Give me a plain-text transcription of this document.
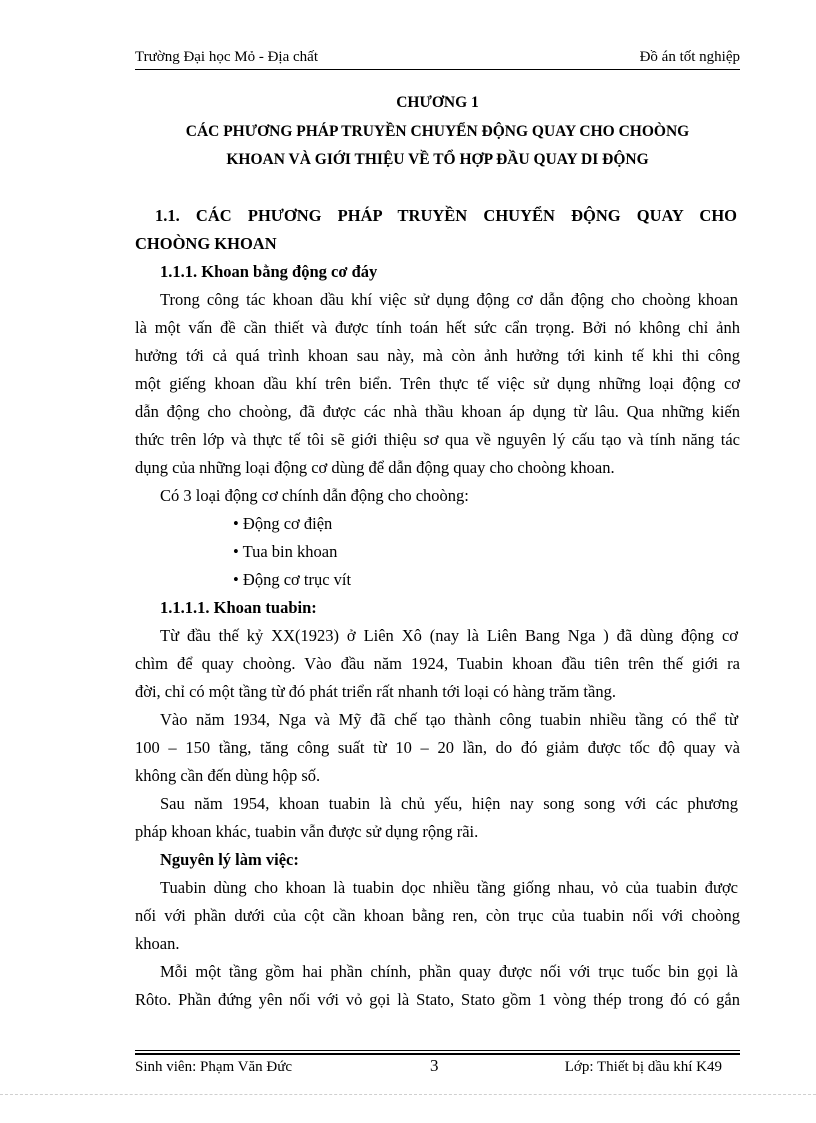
Trường Đại học Mỏ - Địa chất	Đồ án tốt nghiệp
CHƯƠNG 1
CÁC PHƯƠNG PHÁP TRUYỀN CHUYỂN ĐỘNG QUAY CHO CHOÒNG
KHOAN VÀ GIỚI THIỆU VỀ TỔ HỢP ĐẦU QUAY DI ĐỘNG
1.1. CÁC PHƯƠNG PHÁP TRUYỀN CHUYỂN ĐỘNG QUAY CHO
CHOÒNG KHOAN
1.1.1. Khoan bằng động cơ đáy
Trong công tác khoan dầu khí việc sử dụng động cơ dẫn động cho choòng khoan
là một vấn đề cần thiết và được tính toán hết sức cẩn trọng. Bởi nó không chỉ ảnh
hưởng tới cả quá trình khoan sau này, mà còn ảnh hưởng tới kinh tế khi thi công
một giếng khoan dầu khí trên biển. Trên thực tế việc sử dụng những loại động cơ
dẫn động cho choòng, đã được các nhà thầu khoan áp dụng từ lâu. Qua những kiến
thức trên lớp và thực tế tôi sẽ giới thiệu sơ qua về nguyên lý cấu tạo và tính năng tác
dụng của những loại động cơ dùng để dẫn động quay cho choòng khoan.
Có 3 loại động cơ chính dẫn động cho choòng:
• Động cơ điện
• Tua bin khoan
• Động cơ trục vít
1.1.1.1. Khoan tuabin:
Từ đầu thế kỷ XX(1923) ở Liên Xô (nay là Liên Bang Nga ) đã dùng động cơ
chìm để quay choòng. Vào đầu năm 1924, Tuabin khoan đầu tiên trên thế giới ra
đời, chỉ có một tầng từ đó phát triển rất nhanh tới loại có hàng trăm tầng.
Vào năm 1934, Nga và Mỹ đã chế tạo thành công tuabin nhiều tầng có thể từ
100 – 150 tầng, tăng công suất từ 10 – 20 lần, do đó giảm được tốc độ quay và
không cần đến dùng hộp số.
Sau năm 1954, khoan tuabin là chủ yếu, hiện nay song song với các phương
pháp khoan khác, tuabin vẫn được sử dụng rộng rãi.
Nguyên lý làm việc:
Tuabin dùng cho khoan là tuabin dọc nhiều tầng giống nhau, vỏ của tuabin được
nối với phần dưới của cột cần khoan bằng ren, còn trục của tuabin nối với choòng
khoan.
Mỗi một tầng gồm hai phần chính, phần quay được nối với trục tuốc bin gọi là
Rôto. Phần đứng yên nối với vỏ gọi là Stato, Stato gồm 1 vòng thép trong đó có gắn
Sinh viên: Phạm Văn Đức	3	Lớp: Thiết bị dầu khí K49
